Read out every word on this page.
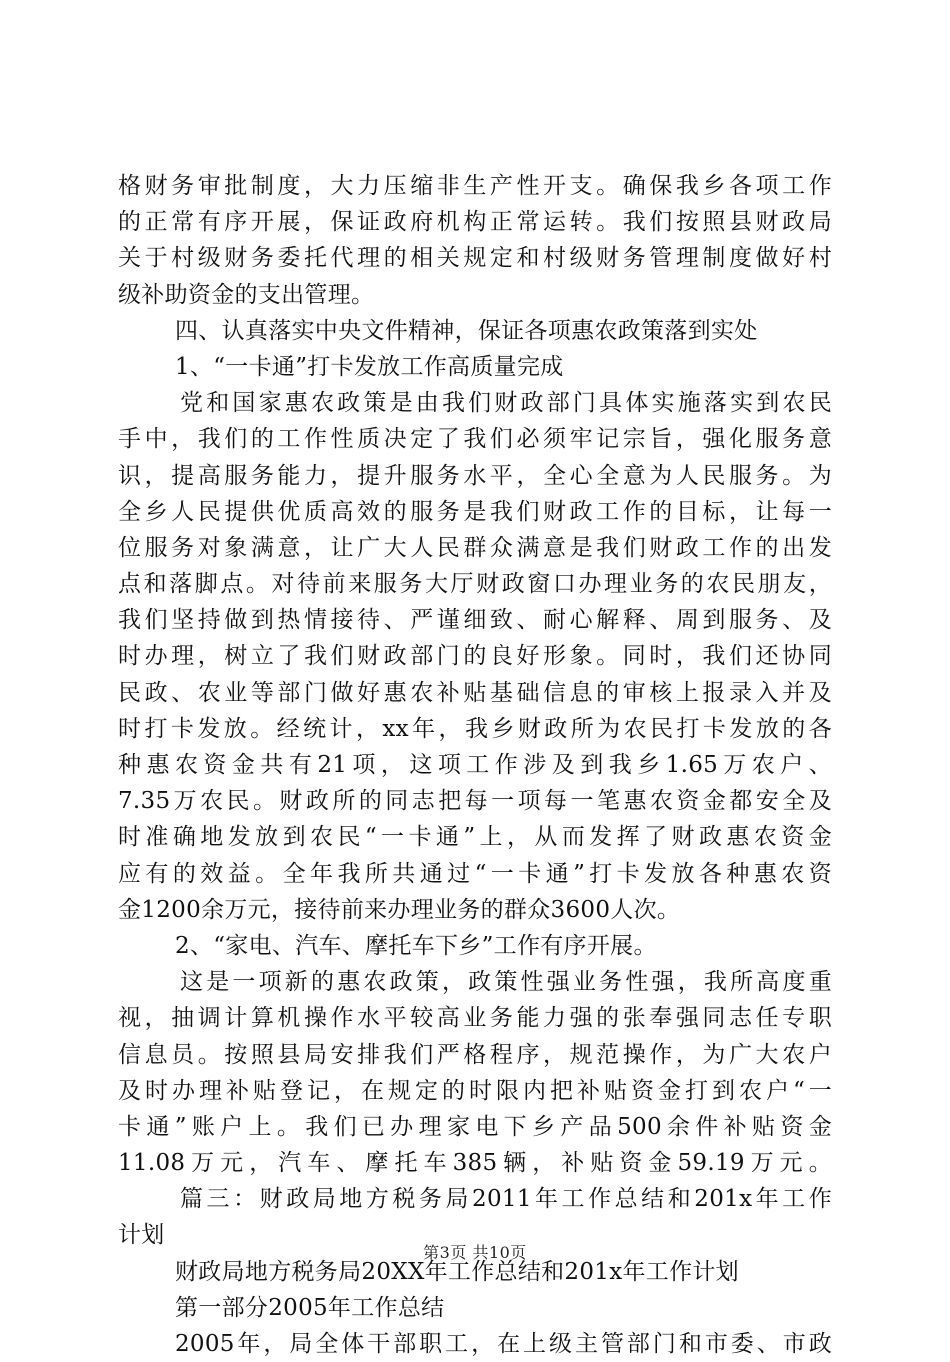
格财务审批制度，大力压缩非生产性开支。确保我乡各项工作
的正常有序开展，保证政府机构正常运转。我们按照县财政局
关于村级财务委托代理的相关规定和村级财务管理制度做好村
级补助资金的支出管理。
四、认真落实中央文件精神，保证各项惠农政策落到实处
1、“一卡通”打卡发放工作高质量完成
党和国家惠农政策是由我们财政部门具体实施落实到农民
手中，我们的工作性质决定了我们必须牢记宗旨，强化服务意
识，提高服务能力，提升服务水平，全心全意为人民服务。为
全乡人民提供优质高效的服务是我们财政工作的目标，让每一
位服务对象满意，让广大人民群众满意是我们财政工作的出发
点和落脚点。对待前来服务大厅财政窗口办理业务的农民朋友，
我们坚持做到热情接待、严谨细致、耐心解释、周到服务、及
时办理，树立了我们财政部门的良好形象。同时，我们还协同
民政、农业等部门做好惠农补贴基础信息的审核上报录入并及
时打卡发放。经统计，xx年，我乡财政所为农民打卡发放的各
种惠农资金共有21项，这项工作涉及到我乡1.65万农户、
7.35万农民。财政所的同志把每一项每一笔惠农资金都安全及
时准确地发放到农民“一卡通”上，从而发挥了财政惠农资金
应有的效益。全年我所共通过“一卡通”打卡发放各种惠农资
金1200余万元，接待前来办理业务的群众3600人次。
2、“家电、汽车、摩托车下乡”工作有序开展。
这是一项新的惠农政策，政策性强业务性强，我所高度重
视，抽调计算机操作水平较高业务能力强的张奉强同志任专职
信息员。按照县局安排我们严格程序，规范操作，为广大农户
及时办理补贴登记，在规定的时限内把补贴资金打到农户“一
卡通”账户上。我们已办理家电下乡产品500余件补贴资金
11.08万元，汽车、摩托车385辆，补贴资金59.19万元。
篇三：财政局地方税务局2011年工作总结和201x年工作
计划
财政局地方税务局20XX年工作总结和201x年工作计划
第一部分2005年工作总结
2005年，局全体干部职工，在上级主管部门和市委、市政
第3页 共10页
